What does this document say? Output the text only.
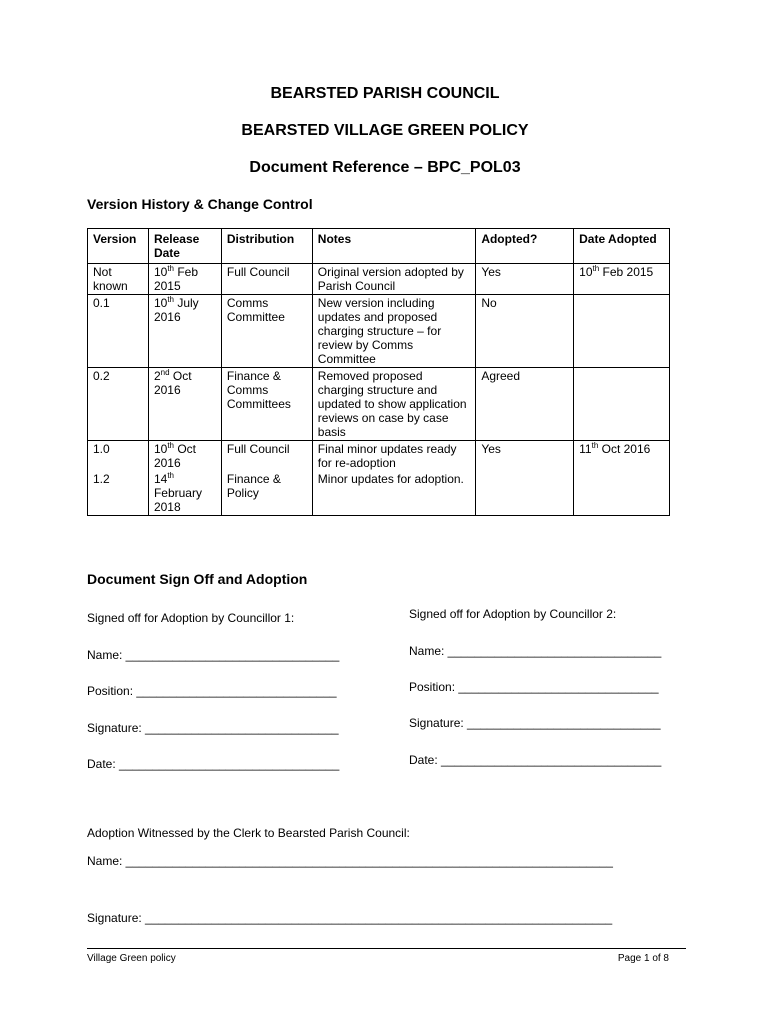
BEARSTED PARISH COUNCIL
BEARSTED VILLAGE GREEN POLICY
Document Reference – BPC_POL03
Version History & Change Control
Version	Release Date	Distribution	Notes	Adopted?	Date Adopted
Not known	10th Feb 2015	Full Council	Original version adopted by Parish Council	Yes	10th Feb 2015
0.1	10th July 2016	Comms Committee	New version including updates and proposed charging structure – for review by Comms Committee	No	
0.2	2nd Oct 2016	Finance & Comms Committees	Removed proposed charging structure and updated to show application reviews on case by case basis	Agreed	
1.0	10th Oct 2016	Full Council	Final minor updates ready for re-adoption	Yes	11th Oct 2016
1.2	14th February 2018	Finance & Policy	Minor updates for adoption.		
Document Sign Off and Adoption
Signed off for Adoption by Councillor 1:
Name: ________________________________
Position: ______________________________
Signature: _____________________________
Date: _________________________________
Signed off for Adoption by Councillor 2:
Name: ________________________________
Position: ______________________________
Signature: _____________________________
Date: _________________________________
Adoption Witnessed by the Clerk to Bearsted Parish Council:
Name: _________________________________________________________________________
Signature: ______________________________________________________________________
Village Green policy	Page 1 of 8
